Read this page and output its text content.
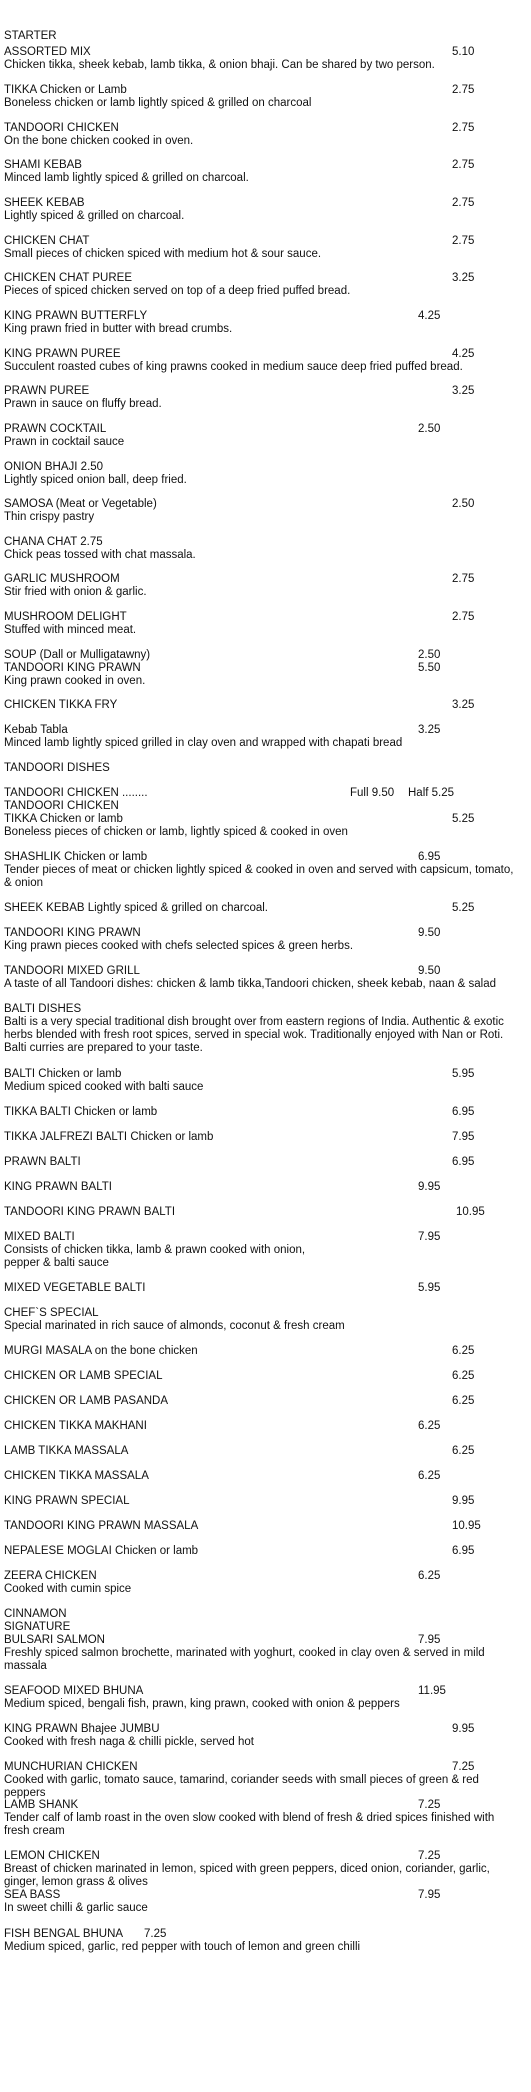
STARTER
ASSORTED MIX	5.10
Chicken tikka, sheek kebab, lamb tikka, & onion bhaji. Can be shared by two person.
TIKKA Chicken or Lamb	2.75
Boneless chicken or lamb lightly spiced & grilled on charcoal
TANDOORI CHICKEN	2.75
On the bone chicken cooked in oven.
SHAMI KEBAB	2.75
Minced lamb lightly spiced & grilled on charcoal.
SHEEK KEBAB	2.75
Lightly spiced & grilled on charcoal.
CHICKEN CHAT	2.75
Small pieces of chicken spiced with medium hot & sour sauce.
CHICKEN CHAT PUREE	3.25
Pieces of spiced chicken served on top of a deep fried puffed bread.
KING PRAWN BUTTERFLY	4.25
King prawn fried in butter with bread crumbs.
KING PRAWN PUREE	4.25
Succulent roasted cubes of king prawns cooked in medium sauce deep fried puffed bread.
PRAWN PUREE	3.25
Prawn in sauce on fluffy bread.
PRAWN COCKTAIL	2.50
Prawn in cocktail sauce
ONION BHAJI 2.50
Lightly spiced onion ball, deep fried.
SAMOSA (Meat or Vegetable)	2.50
Thin crispy pastry
CHANA CHAT 2.75
Chick peas tossed with chat massala.
GARLIC MUSHROOM	2.75
Stir fried with onion & garlic.
MUSHROOM DELIGHT	2.75
Stuffed with minced meat.
SOUP (Dall or Mulligatawny)	2.50
TANDOORI KING PRAWN	5.50
King prawn cooked in oven.
CHICKEN TIKKA FRY	3.25
Kebab Tabla	3.25
Minced lamb lightly spiced grilled in clay oven and wrapped with chapati bread
TANDOORI DISHES
TANDOORI CHICKEN ........	Full 9.50 Half 5.25
TANDOORI CHICKEN
TIKKA Chicken or lamb	5.25
Boneless pieces of chicken or lamb, lightly spiced & cooked in oven
SHASHLIK Chicken or lamb	6.95
Tender pieces of meat or chicken lightly spiced & cooked in oven and served with capsicum, tomato, & onion
SHEEK KEBAB Lightly spiced & grilled on charcoal.	5.25
TANDOORI KING PRAWN	9.50
King prawn pieces cooked with chefs selected spices & green herbs.
TANDOORI MIXED GRILL	9.50
A taste of all Tandoori dishes: chicken & lamb tikka,Tandoori chicken, sheek kebab, naan & salad
BALTI DISHES
Balti is a very special traditional dish brought over from eastern regions of India. Authentic & exotic herbs blended with fresh root spices, served in special wok. Traditionally enjoyed with Nan or Roti. Balti curries are prepared to your taste.
BALTI Chicken or lamb	5.95
Medium spiced cooked with balti sauce
TIKKA BALTI Chicken or lamb	6.95
TIKKA JALFREZI BALTI Chicken or lamb	7.95
PRAWN BALTI	6.95
KING PRAWN BALTI	9.95
TANDOORI KING PRAWN BALTI	10.95
MIXED BALTI	7.95
Consists of chicken tikka, lamb & prawn cooked with onion,
pepper & balti sauce
MIXED VEGETABLE BALTI	5.95
CHEF`S SPECIAL
Special marinated in rich sauce of almonds, coconut & fresh cream
MURGI MASALA on the bone chicken	6.25
CHICKEN OR LAMB SPECIAL	6.25
CHICKEN OR LAMB PASANDA	6.25
CHICKEN TIKKA MAKHANI	6.25
LAMB TIKKA MASSALA	6.25
CHICKEN TIKKA MASSALA	6.25
KING PRAWN SPECIAL	9.95
TANDOORI KING PRAWN MASSALA	10.95
NEPALESE MOGLAI Chicken or lamb	6.95
ZEERA CHICKEN	6.25
Cooked with cumin spice
CINNAMON
SIGNATURE
BULSARI SALMON	7.95
Freshly spiced salmon brochette, marinated with yoghurt, cooked in clay oven & served in mild massala
SEAFOOD MIXED BHUNA	11.95
Medium spiced, bengali fish, prawn, king prawn, cooked with onion & peppers
KING PRAWN Bhajee JUMBU	9.95
Cooked with fresh naga & chilli pickle, served hot
MUNCHURIAN CHICKEN	7.25
Cooked with garlic, tomato sauce, tamarind, coriander seeds with small pieces of green & red peppers
LAMB SHANK	7.25
Tender calf of lamb roast in the oven slow cooked with blend of fresh & dried spices finished with fresh cream
LEMON CHICKEN	7.25
Breast of chicken marinated in lemon, spiced with green peppers, diced onion, coriander, garlic, ginger, lemon grass & olives
SEA BASS	7.95
In sweet chilli & garlic sauce
FISH BENGAL BHUNA 7.25
Medium spiced, garlic, red pepper with touch of lemon and green chilli
